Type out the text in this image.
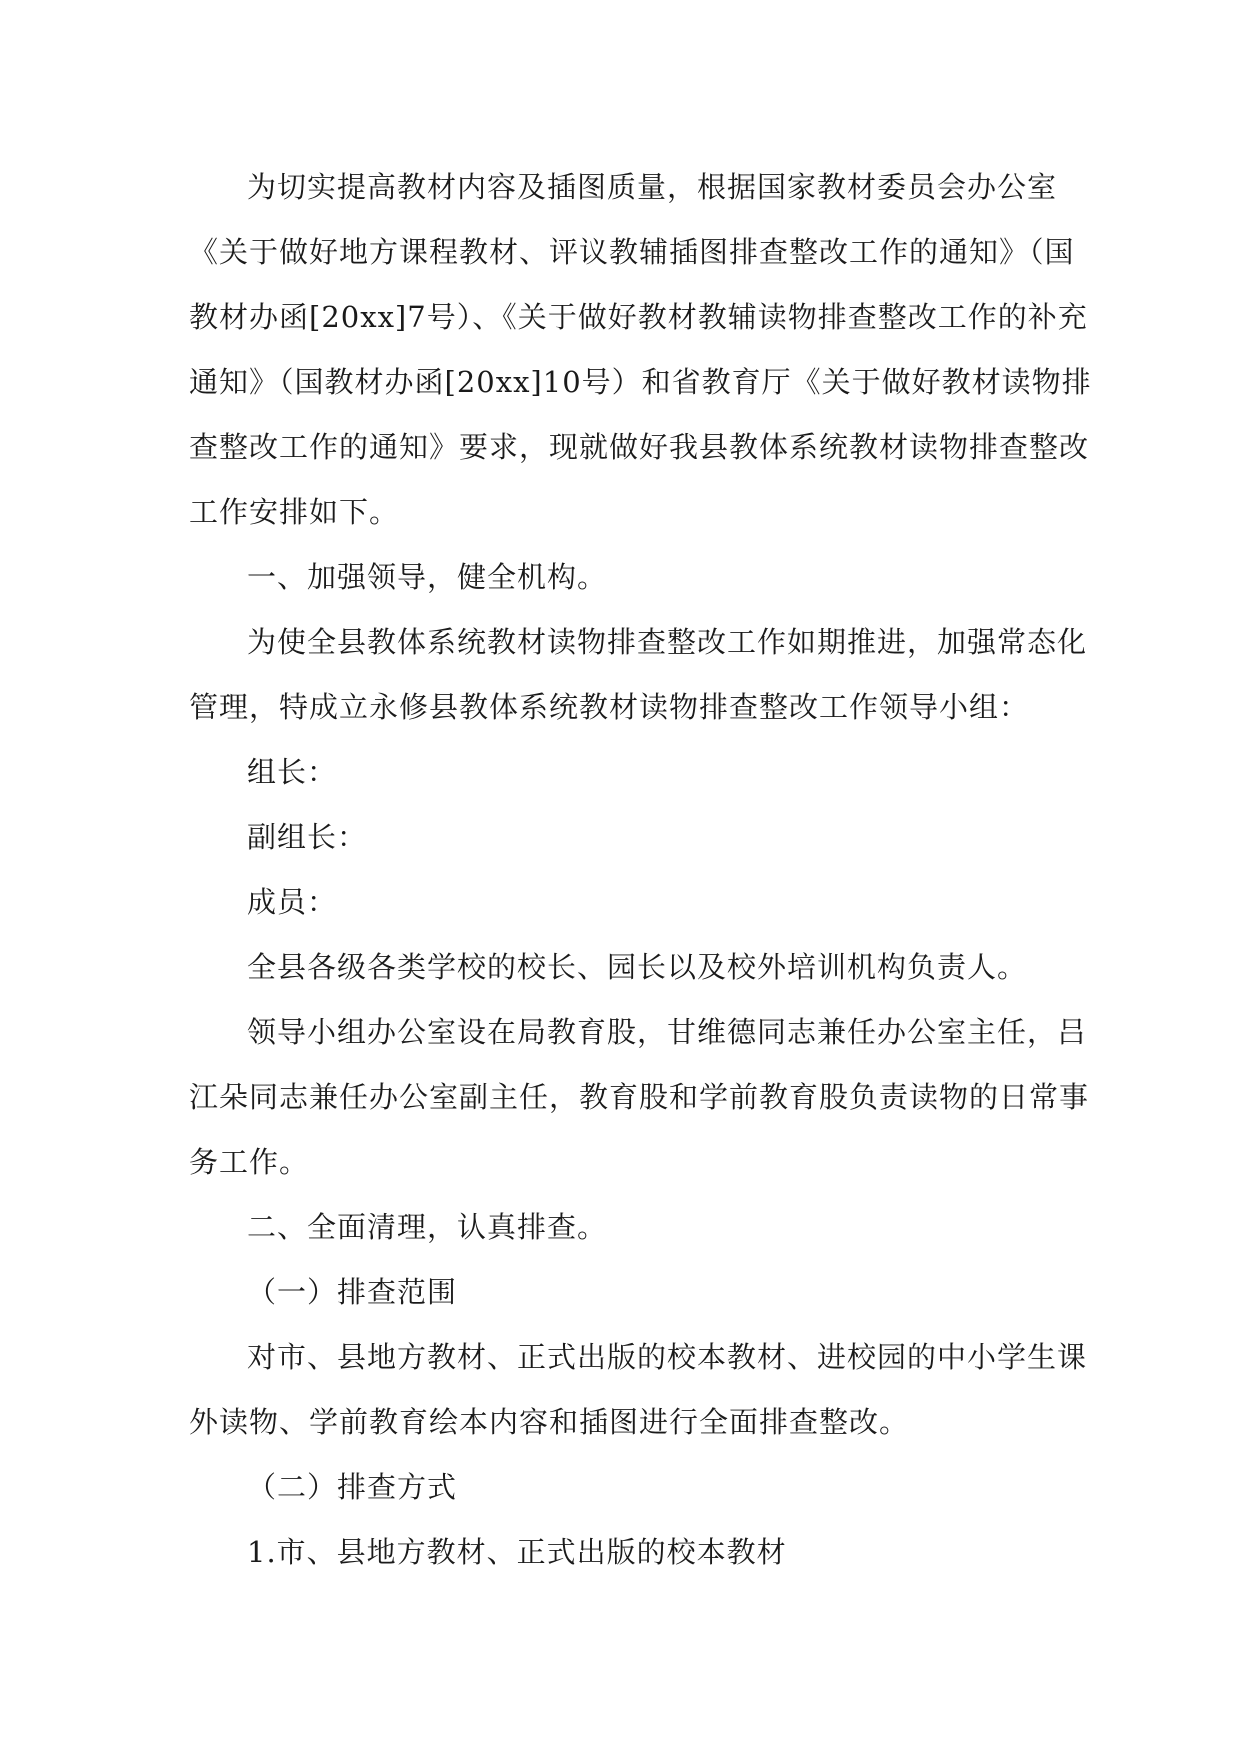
为切实提高教材内容及插图质量，根据国家教材委员会办公室
《关于做好地方课程教材、评议教辅插图排查整改工作的通知》（国
教材办函[20xx]7号）、《关于做好教材教辅读物排查整改工作的补充
通知》（国教材办函[20xx]10号）和省教育厅《关于做好教材读物排
查整改工作的通知》要求，现就做好我县教体系统教材读物排查整改
工作安排如下。

一、加强领导，健全机构。

为使全县教体系统教材读物排查整改工作如期推进，加强常态化
管理，特成立永修县教体系统教材读物排查整改工作领导小组：

组长：

副组长：

成员：

全县各级各类学校的校长、园长以及校外培训机构负责人。

领导小组办公室设在局教育股，甘维德同志兼任办公室主任，吕
江朵同志兼任办公室副主任，教育股和学前教育股负责读物的日常事
务工作。

二、全面清理，认真排查。

（一）排查范围

对市、县地方教材、正式出版的校本教材、进校园的中小学生课
外读物、学前教育绘本内容和插图进行全面排查整改。

（二）排查方式

1.市、县地方教材、正式出版的校本教材
